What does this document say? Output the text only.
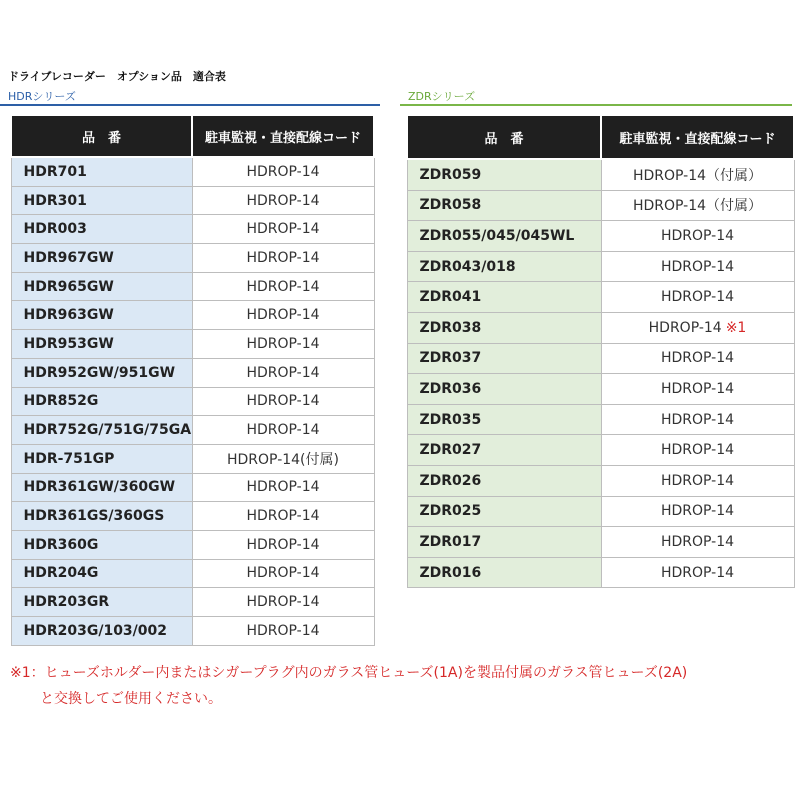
ドライブレコーダー　オプション品　適合表
HDRシリーズ	ZDRシリーズ
品　番	駐車監視・直接配線コード
HDR701	HDROP-14
HDR301	HDROP-14
HDR003	HDROP-14
HDR967GW	HDROP-14
HDR965GW	HDROP-14
HDR963GW	HDROP-14
HDR953GW	HDROP-14
HDR952GW/951GW	HDROP-14
HDR852G	HDROP-14
HDR752G/751G/75GA	HDROP-14
HDR-751GP	HDROP-14(付属)
HDR361GW/360GW	HDROP-14
HDR361GS/360GS	HDROP-14
HDR360G	HDROP-14
HDR204G	HDROP-14
HDR203GR	HDROP-14
HDR203G/103/002	HDROP-14
品　番	駐車監視・直接配線コード
ZDR059	HDROP-14（付属）
ZDR058	HDROP-14（付属）
ZDR055/045/045WL	HDROP-14
ZDR043/018	HDROP-14
ZDR041	HDROP-14
ZDR038	HDROP-14 ※1
ZDR037	HDROP-14
ZDR036	HDROP-14
ZDR035	HDROP-14
ZDR027	HDROP-14
ZDR026	HDROP-14
ZDR025	HDROP-14
ZDR017	HDROP-14
ZDR016	HDROP-14
※1：ヒューズホルダー内またはシガープラグ内のガラス管ヒューズ(1A)を製品付属のガラス管ヒューズ(2A)
と交換してご使用ください。
